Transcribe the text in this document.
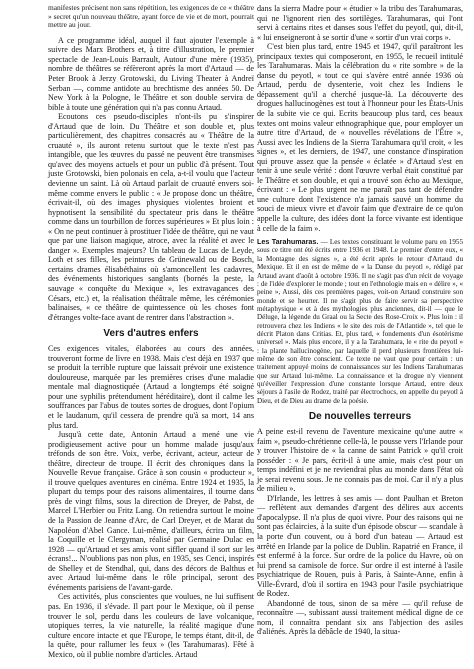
manifestes précisent non sans répétition, les exigences de ce « théâtre » secret qu'un nouveau théâtre, ayant force de vie et de mort, pourrait mettre au jour.

A ce programme idéal, auquel il faut ajouter l'exemple à suivre des Marx Brothers et, à titre d'illustration, le premier spectacle de Jean-Louis Barrault, Autour d'une mère (1935), nombre de théâtres se réfèreront après la mort d'Artaud — de Peter Brook à Jerzy Grotowski, du Living Theater à Andreï Serban —, comme antidote au brechtisme des années 50. De New York à la Pologne, le Théâtre et son double servira de bible à toute une génération qui n'a pas connu Artaud.

Ecoutons ces pseudo-disciples n'ont-ils pu s'inspirer d'Artaud que de loin. Du Théâtre et son double et, plus particulièrement, des chapitres consacrés au « Théâtre de la cruauté », ils auront retenu surtout que le texte n'est pas intangible, que les œuvres du passé ne peuvent être transmises qu'avec des moyens actuels et pour un public d'à présent. Tout juste Grotowski, bien polonais en cela, a-t-il voulu que l'acteur devienne un saint. Là où Artaud parlait de cruauté envers soi-même comme envers le public : « Je propose donc un théâtre, écrivait-il, où des images physiques violentes broient et hypnotisent la sensibilité du spectateur pris dans le théâtre comme dans un tourbillon de forces supérieures » Et plus loin : « On ne peut continuer à prostituer l'idée de théâtre, qui ne vaut que par une liaison magique, atroce, avec la réalité et avec le danger ». Exemples majeurs? Un tableau de Lucas de Leyde, Loth et ses filles, les peintures de Grünewald ou de Bosch, certains drames élisabéthains où s'amoncellent les cadavres, des événements historiques sanglants (bornés la peste, la sauvage « conquête du Mexique », les extravagances des Césars, etc.) et, la réalisation théâtrale même, les cérémonies balinaises, « ce théâtre de quintessence où les choses font d'étranges volte-face avant de rentrer dans l'abstraction ».

Vers d'autres enfers

Ces exigences vitales, élaborées au cours des années, trouveront forme de livre en 1938. Mais c'est déjà en 1937 que se produit la terrible rupture que laissait prévoir une existence douloureuse, marquée par les premières crises d'une maladie mentale mal diagnostiquée (Artaud a longtemps été soigné pour une syphilis prétendument héréditaire), dont il calme les souffrances par l'abus de toutes sortes de drogues, dont l'opium et le laudanum, qu'il cessera de prendre qu'à sa mort, 14 ans plus tard.

Jusqu'à cette date, Antonin Artaud a mené une vie prodigieusement active pour un homme malade jusqu'aux tréfonds de son être. Voix, verbe, écrivant, acteur, acteur de théâtre, directeur de troupe. Il écrit des chroniques dans la Nouvelle Revue française. Grâce à son cousin « producteur », il trouve quelques aventures en cinéma. Entre 1924 et 1935, la plupart du temps pour des raisons alimentaires, il tourne dans près de vingt films, sous la direction de Dreyer, de Pabst, de Marcel L'Herbier ou Fritz Lang. On retiendra surtout le moine de la Passion de Jeanne d'Arc, de Carl Dreyer, et de Marat du Napoléon d'Abel Gance. Lui-même, d'ailleurs, écrira un film, la Coquille et le Clergyman, réalisé par Germaine Dulac en 1928 — qu'Artaud et ses amis vont siffler quand il sort sur les écrans!... N'oublions pas non plus, en 1935, ses Cenci, inspirés de Shelley et de Stendhal, qui, dans des décors de Balthus et avec Artaud lui-même dans le rôle principal, seront des événements parisiens de l'avant-garde.

Ces activités, plus conscientes que voulues, ne lui suffisent pas. En 1936, il s'évade. Il part pour le Mexique, où il pense trouver le sol, perdu dans les couleurs de lave volcanique, utopiques terres, la vie naturelle, la réalité magique d'une culture encore intacte et que l'Europe, le temps étant, dit-il, de la quête, pour rallumer les feux » (les Tarahumaras). Fêté à Mexico, où il publie nombre d'articles. Artaud

dans la sierra Madre pour « étudier » la tribu des Tarahumaras, qui ne l'ignorent rien des sortilèges. Tarahumaras, qui l'ont servi à certains rites et danses sous l'effet du peyotl, qui, dit-il, « lui enseigneront à se sortir d'une « sortir d'un vrai corps ».

C'est bien plus tard, entre 1945 et 1947, qu'il paraîtront les principaux textes qui composeront, en 1955, le recueil intitulé les Tarahumaras. Mais la célébration du « rite sombre » de la danse du peyotl, « tout ce qui s'avère entré année 1936 où Artaud, perdu de dysenterie, voit chez les Indiens le dépassement qu'il a cherché jusque-là. La découverte des drogues hallucinogènes est tout à l'honneur pour les États-Unis de la subite vie ce qui. Ecrits beaucoup plus tard, ces beaux textes ont moins valeur ethnographique que, pour employer un autre titre d'Artaud, de « nouvelles révélations de l'Être », Aussi avec les Indiens de la Sierra Tarahumara qu'il croit, « les signes », et les derniers, de 1947, une constance d'inspiration qui prouve assez que la pensée « éclatée » d'Artaud s'est en tenir à une seule vérité : dont l'œuvre verbal était constitué par le Théâtre et son double, et qui a trouvé son écho au Mexique, écrivant : « Le plus urgent ne me paraît pas tant de défendre une culture dont l'existence n'a jamais sauvé un homme du souci de mieux vivre et d'avoir faim que d'extraire de ce qu'on appelle la culture, des idées dont la force vivante est identique à celle de la faim ».

Les Tarahumaras. — Les textes constituant le volume paru en 1955 sous ce titre ont été écrits entre 1936 et 1948. Le premier d'entre eux, « la Montagne des signes », a été écrit après le retour d'Artaud du Mexique. Et il en est de même de « la Danse du peyotl », rédigé par Artaud avant d'août à octobre 1936. Il ne s'agit pas d'un récit de voyage : de l'idée d'explorer le monde ; tout en l'ethnologie mais en « délire », « peine », Aussi, dès ces premières pages, voit-on Artaud construire son monde et se heurter. Il ne s'agit plus de faire servir sa perspective métaphysique « et à des mythologies plus anciennes, dit-il — que le Déluge, la légende du Graal ou la Secte des Rose-Croix ». Plus loin : il retrouvera chez les Indiens « le site des rois de l'Atlantide », tel que le décrit Platon dans Critias. Et, plus tard, « fondements d'un ésotérisme universel ». Mais plus encore, il y a la Tarahumara, le « rite du peyotl » : la plante hallucinogène, par laquelle il perd plusieurs frontières lui-même de son être conscient. Ce texte ne vaut que pour certain : un traitement appuyé moins de connaissances sur les Indiens Tarahumaras que sur Artaud lui-même. La connaissance et la drogue n'y viennent qu'éveiller l'expression d'une constante lorsque Artaud, entre deux séjours à l'asile de Rodez, traité par électrochocs, en appelle du peyotl à Dieu, et de Dieu au drame de la poésie.

De nouvelles terreurs

A peine est-il revenu de l'aventure mexicaine qu'une autre « faim », pseudo-chrétienne celle-là, le pousse vers l'Irlande pour y trouver l'histoire de « la canne de saint Patrick » qu'il croit posséder : « Je pars, écrit-il à une amie, mais c'est pour un temps indéfini et je ne reviendrai plus au monde dans l'état où je serai revenu sous. Je ne connais pas de moi. Car il n'y a plus de milieu ».

D'Irlande, les lettres à ses amis — dont Paulhan et Breton — reflètent aux demandes d'argent des délires aux accents d'apocalypse. Il n'a plus de quoi vivre. Pour des raisons qui ne sont pas éclaircies, à la suite d'un épisode obscur — scandale à la porte d'un couvent, ou à bord d'un bateau — Artaud est arrêté en Irlande par la police de Dublin. Rapatrié en France, il est enfermé à la force. Sur ordre de la police du Havre, où on lui prend sa camisole de force. Sur ordre il est interné à l'asile psychiatrique de Rouen, puis à Paris, à Sainte-Anne, enfin à Ville-Évrard, d'où il sortira en 1943 pour l'asile psychiatrique de Rodez.

Abandonné de tous, sinon de sa mère — qu'il refuse de reconnaître —, subissant aussi traitement médical digne de ce nom, il connaîtra pendant six ans l'abjection des asiles d'aliénés. Après la débâcle de 1940, la situa-
